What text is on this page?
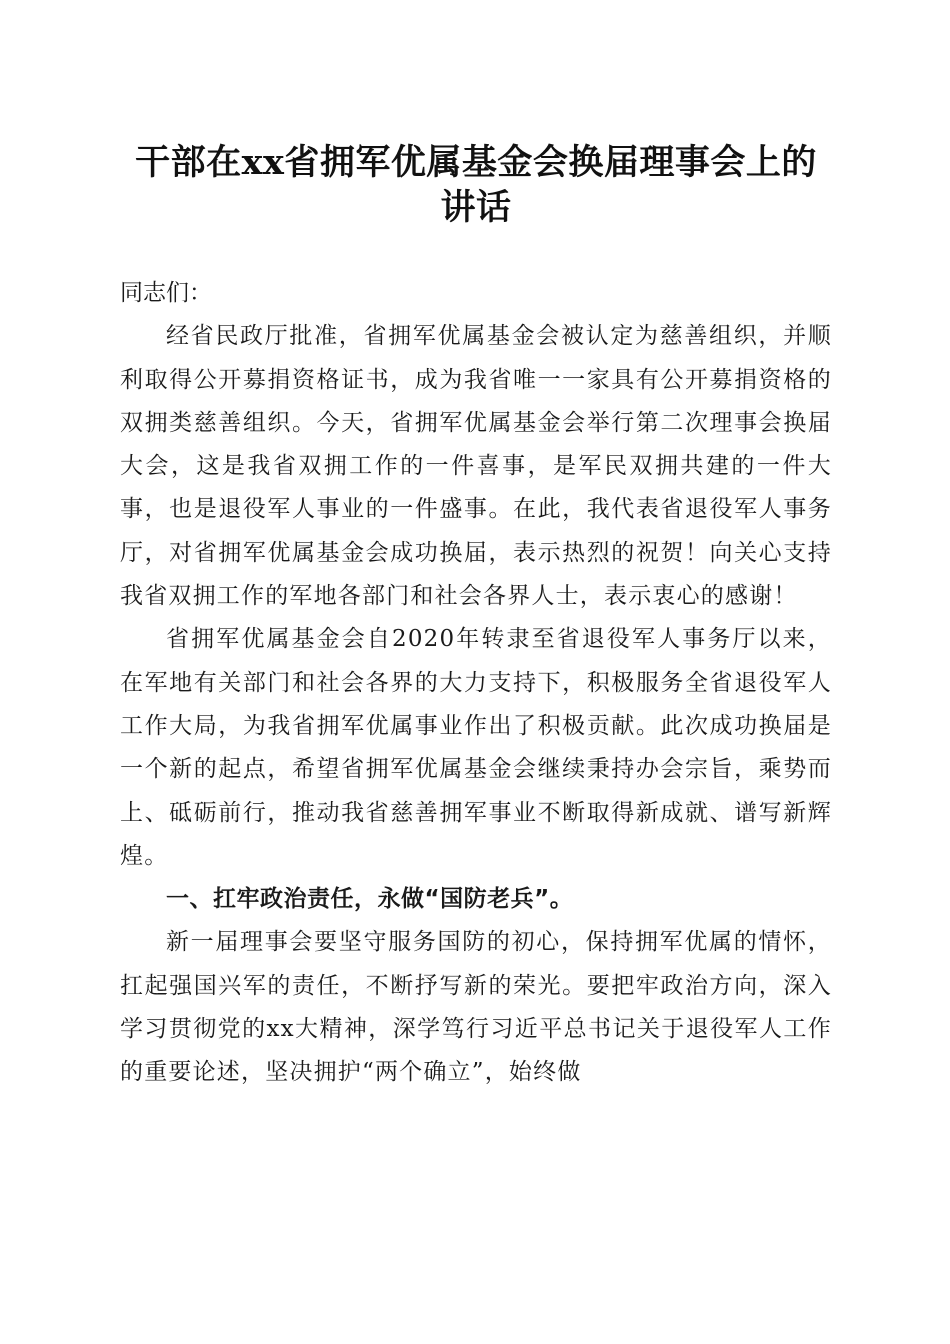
干部在xx省拥军优属基金会换届理事会上的
讲话

同志们：

经省民政厅批准，省拥军优属基金会被认定为慈善组织，并顺利取得公开募捐资格证书，成为我省唯一一家具有公开募捐资格的双拥类慈善组织。今天，省拥军优属基金会举行第二次理事会换届大会，这是我省双拥工作的一件喜事，是军民双拥共建的一件大事，也是退役军人事业的一件盛事。在此，我代表省退役军人事务厅，对省拥军优属基金会成功换届，表示热烈的祝贺！向关心支持我省双拥工作的军地各部门和社会各界人士，表示衷心的感谢！

省拥军优属基金会自2020年转隶至省退役军人事务厅以来，在军地有关部门和社会各界的大力支持下，积极服务全省退役军人工作大局，为我省拥军优属事业作出了积极贡献。此次成功换届是一个新的起点，希望省拥军优属基金会继续秉持办会宗旨，乘势而上、砥砺前行，推动我省慈善拥军事业不断取得新成就、谱写新辉煌。

一、扛牢政治责任，永做“国防老兵”。

新一届理事会要坚守服务国防的初心，保持拥军优属的情怀，扛起强国兴军的责任，不断抒写新的荣光。要把牢政治方向，深入学习贯彻党的xx大精神，深学笃行习近平总书记关于退役军人工作的重要论述，坚决拥护“两个确立”，始终做
